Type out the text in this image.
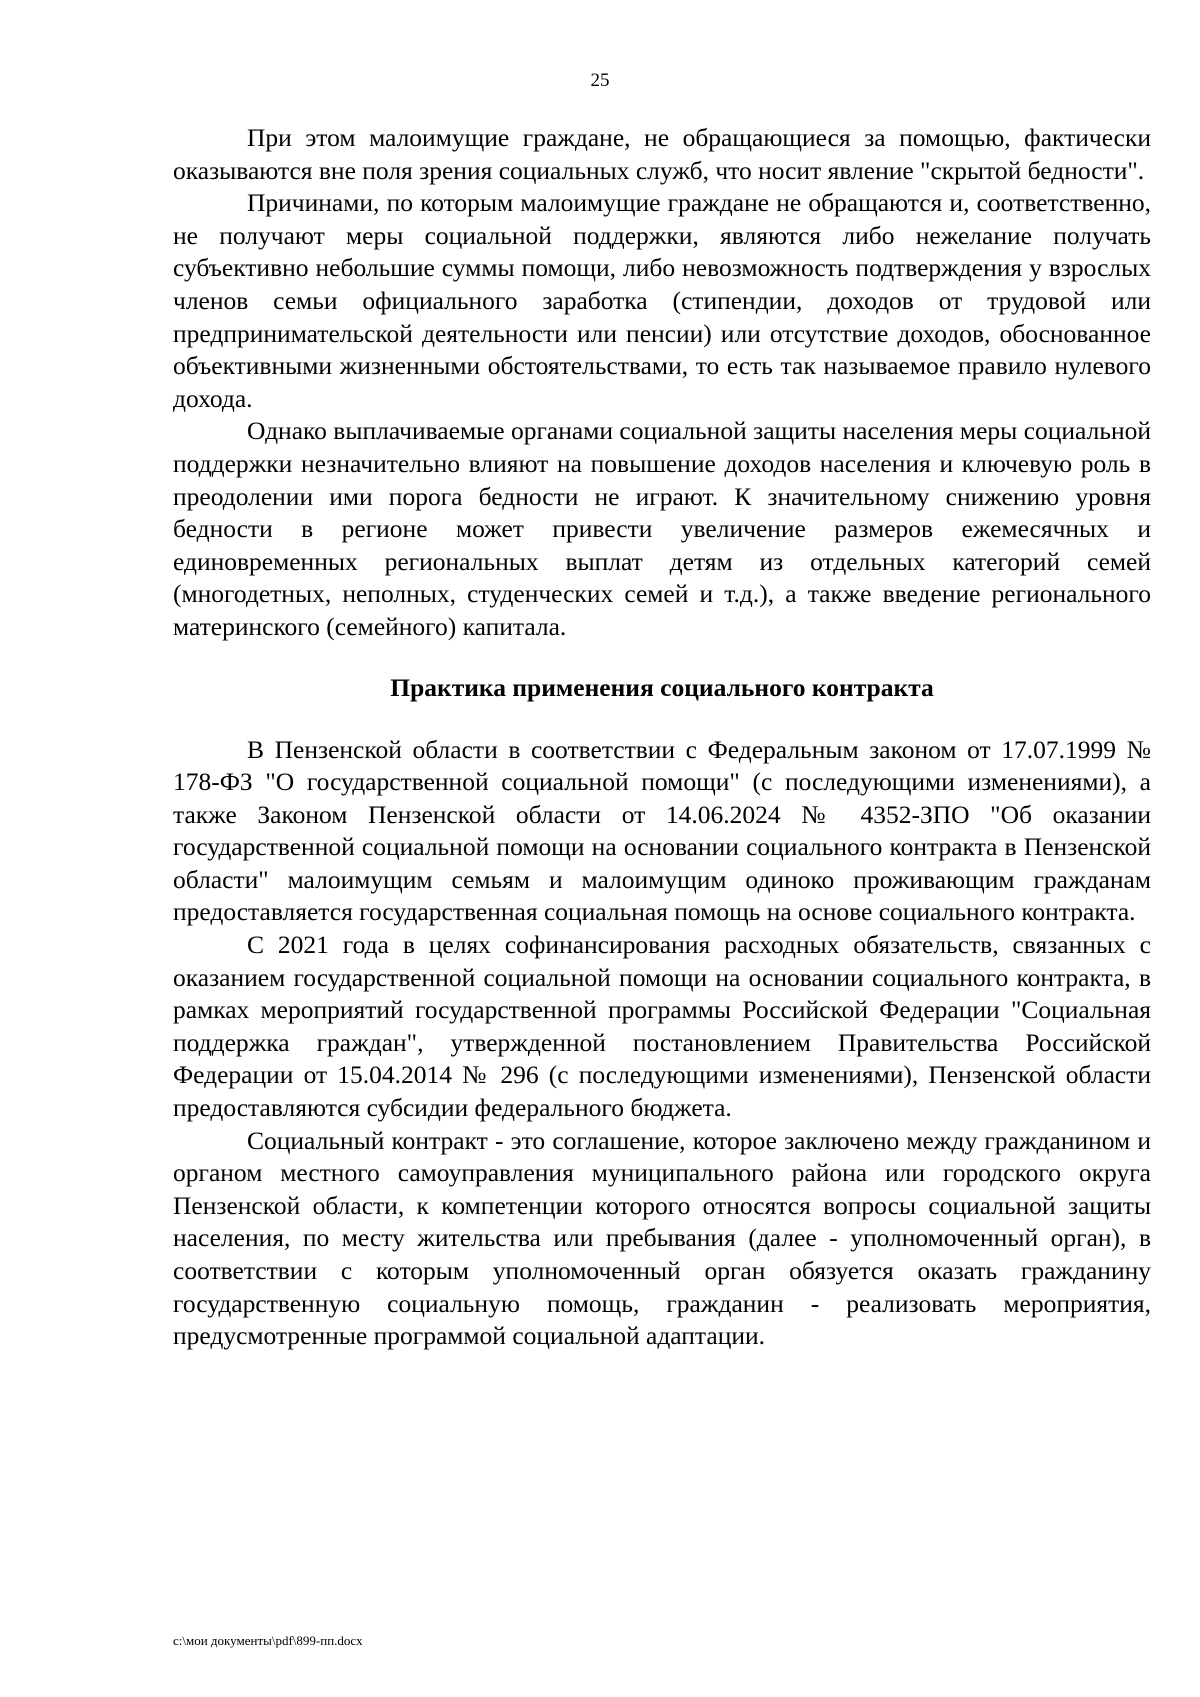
25

При этом малоимущие граждане, не обращающиеся за помощью, фактически оказываются вне поля зрения социальных служб, что носит явление "скрытой бедности".

Причинами, по которым малоимущие граждане не обращаются и, соответственно, не получают меры социальной поддержки, являются либо нежелание получать субъективно небольшие суммы помощи, либо невозможность подтверждения у взрослых членов семьи официального заработка (стипендии, доходов от трудовой или предпринимательской деятельности или пенсии) или отсутствие доходов, обоснованное объективными жизненными обстоятельствами, то есть так называемое правило нулевого дохода.

Однако выплачиваемые органами социальной защиты населения меры социальной поддержки незначительно влияют на повышение доходов населения и ключевую роль в преодолении ими порога бедности не играют. К значительному снижению уровня бедности в регионе может привести увеличение размеров ежемесячных и единовременных региональных выплат детям из отдельных категорий семей (многодетных, неполных, студенческих семей и т.д.), а также введение регионального материнского (семейного) капитала.

Практика применения социального контракта

В Пензенской области в соответствии с Федеральным законом от 17.07.1999 № 178-ФЗ "О государственной социальной помощи" (с последующими изменениями), а также Законом Пензенской области от 14.06.2024 № 4352-ЗПО "Об оказании государственной социальной помощи на основании социального контракта в Пензенской области" малоимущим семьям и малоимущим одиноко проживающим гражданам предоставляется государственная социальная помощь на основе социального контракта.

С 2021 года в целях софинансирования расходных обязательств, связанных с оказанием государственной социальной помощи на основании социального контракта, в рамках мероприятий государственной программы Российской Федерации "Социальная поддержка граждан", утвержденной постановлением Правительства Российской Федерации от 15.04.2014 № 296 (с последующими изменениями), Пензенской области предоставляются субсидии федерального бюджета.

Социальный контракт - это соглашение, которое заключено между гражданином и органом местного самоуправления муниципального района или городского округа Пензенской области, к компетенции которого относятся вопросы социальной защиты населения, по месту жительства или пребывания (далее - уполномоченный орган), в соответствии с которым уполномоченный орган обязуется оказать гражданину государственную социальную помощь, гражданин - реализовать мероприятия, предусмотренные программой социальной адаптации.

c:\мои документы\pdf\899-пп.docx
